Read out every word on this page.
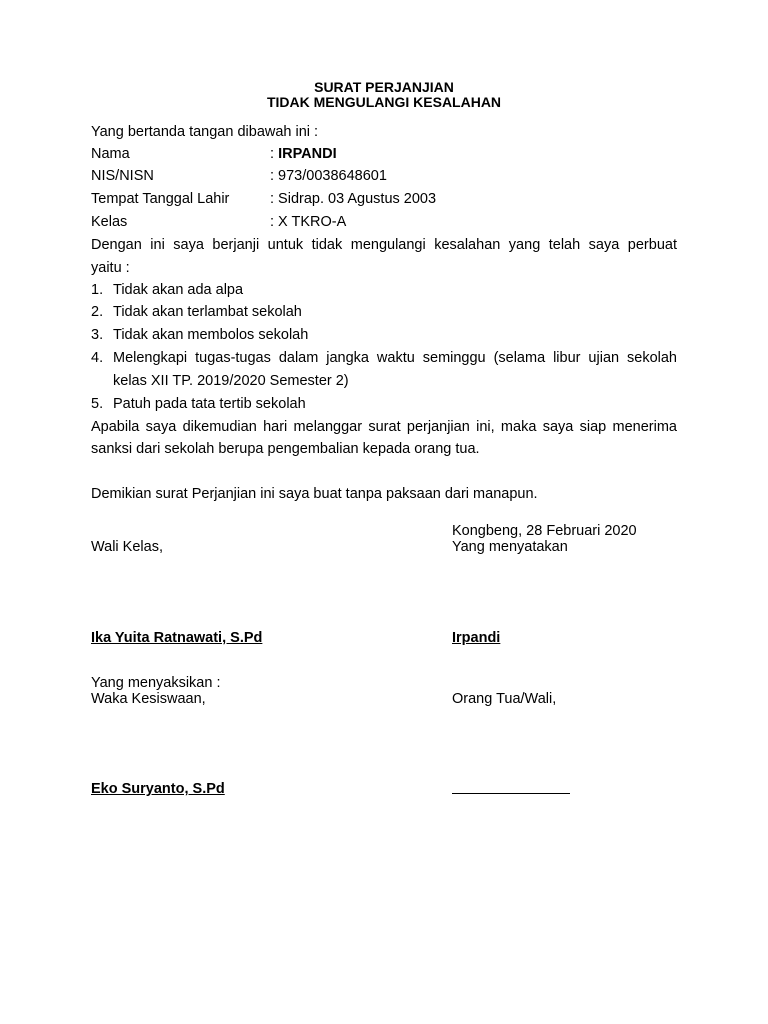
SURAT PERJANJIAN
TIDAK MENGULANGI KESALAHAN
Yang bertanda tangan dibawah ini :
Nama	: IRPANDI
NIS/NISN	: 973/0038648601
Tempat Tanggal Lahir	: Sidrap. 03 Agustus 2003
Kelas	: X TKRO-A
Dengan ini saya berjanji untuk tidak mengulangi kesalahan yang telah saya perbuat
yaitu :
1. Tidak akan ada alpa
2. Tidak akan terlambat sekolah
3. Tidak akan membolos sekolah
4. Melengkapi tugas-tugas dalam jangka waktu seminggu (selama libur ujian sekolah
kelas XII TP. 2019/2020 Semester 2)
5. Patuh pada tata tertib sekolah
Apabila saya dikemudian hari melanggar surat perjanjian ini, maka saya siap menerima
sanksi dari sekolah berupa pengembalian kepada orang tua.
Demikian surat Perjanjian ini saya buat tanpa paksaan dari manapun.
Kongbeng, 28 Februari 2020
Yang menyatakan
Wali Kelas,
Ika Yuita Ratnawati, S.Pd	Irpandi
Yang menyaksikan :
Waka Kesiswaan,	Orang Tua/Wali,
Eko Suryanto, S.Pd
